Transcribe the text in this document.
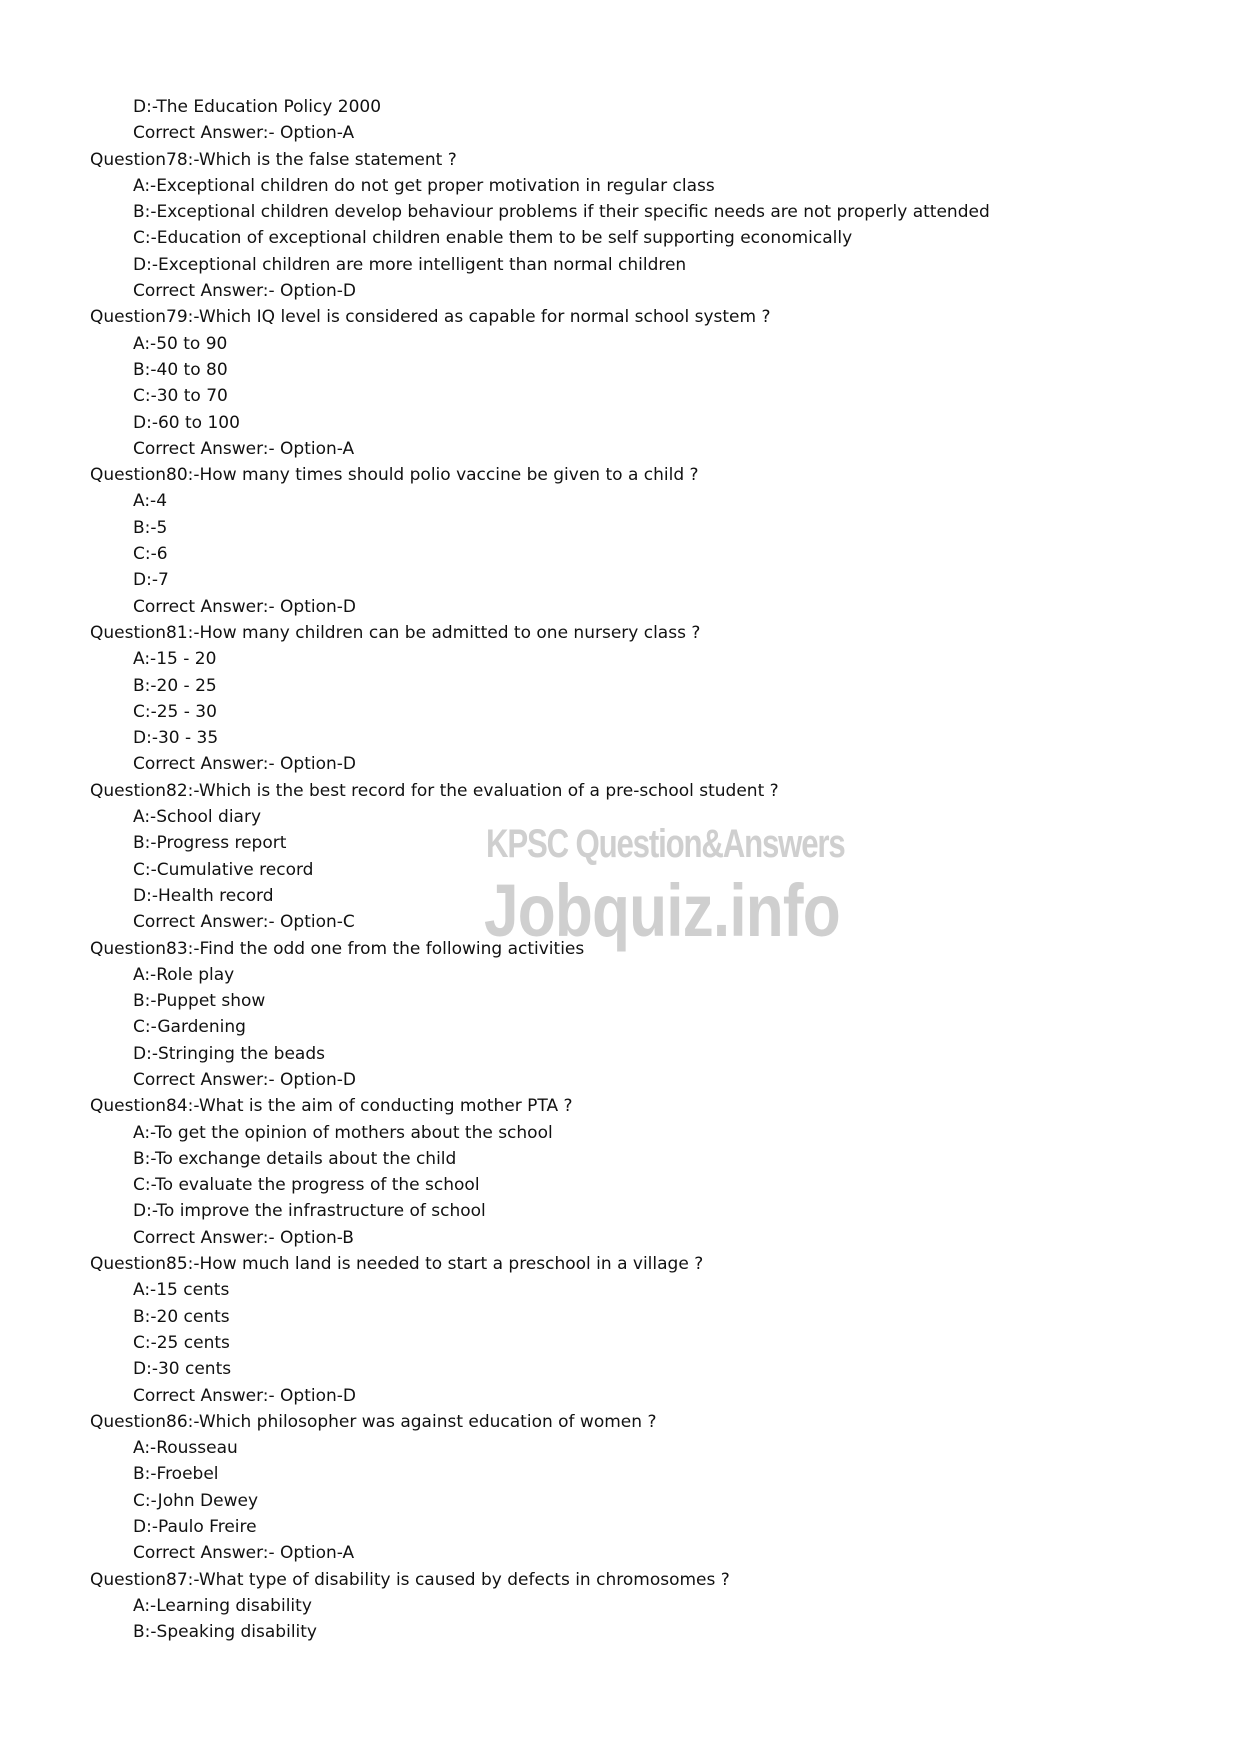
D:-The Education Policy 2000
Correct Answer:- Option-A
Question78:-Which is the false statement ?
A:-Exceptional children do not get proper motivation in regular class
B:-Exceptional children develop behaviour problems if their specific needs are not properly attended
C:-Education of exceptional children enable them to be self supporting economically
D:-Exceptional children are more intelligent than normal children
Correct Answer:- Option-D
Question79:-Which IQ level is considered as capable for normal school system ?
A:-50 to 90
B:-40 to 80
C:-30 to 70
D:-60 to 100
Correct Answer:- Option-A
Question80:-How many times should polio vaccine be given to a child ?
A:-4
B:-5
C:-6
D:-7
Correct Answer:- Option-D
Question81:-How many children can be admitted to one nursery class ?
A:-15 - 20
B:-20 - 25
C:-25 - 30
D:-30 - 35
Correct Answer:- Option-D
Question82:-Which is the best record for the evaluation of a pre-school student ?
A:-School diary
B:-Progress report
C:-Cumulative record
D:-Health record
Correct Answer:- Option-C
Question83:-Find the odd one from the following activities
A:-Role play
B:-Puppet show
C:-Gardening
D:-Stringing the beads
Correct Answer:- Option-D
Question84:-What is the aim of conducting mother PTA ?
A:-To get the opinion of mothers about the school
B:-To exchange details about the child
C:-To evaluate the progress of the school
D:-To improve the infrastructure of school
Correct Answer:- Option-B
Question85:-How much land is needed to start a preschool in a village ?
A:-15 cents
B:-20 cents
C:-25 cents
D:-30 cents
Correct Answer:- Option-D
Question86:-Which philosopher was against education of women ?
A:-Rousseau
B:-Froebel
C:-John Dewey
D:-Paulo Freire
Correct Answer:- Option-A
Question87:-What type of disability is caused by defects in chromosomes ?
A:-Learning disability
B:-Speaking disability
KPSC Question&Answers
Jobquiz.info
